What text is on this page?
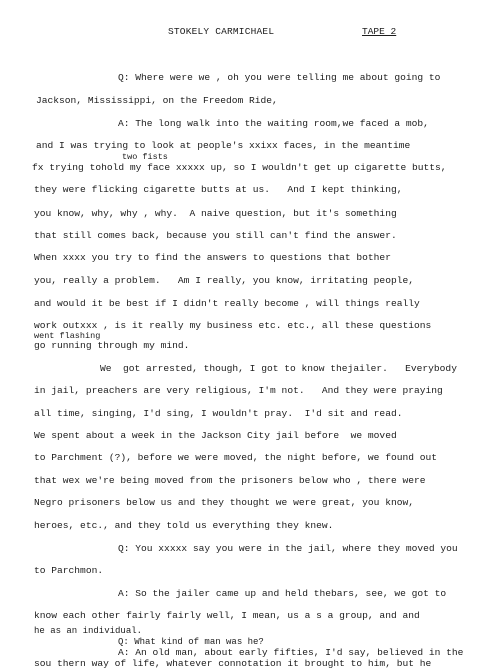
STOKELY CARMICHAEL	TAPE 2
Q: Where were we , oh you were telling me about going to
Jackson, Mississippi, on the Freedom Ride,
A: The long walk into the waiting room,we faced a mob,
and I was trying to look at people's xxixx faces, in the meantime
two fists
fx trying tohold my face xxxxx up, so I wouldn't get up cigarette butts,
they were flicking cigarette butts at us.   And I kept thinking,
you know, why, why , why.  A naive question, but it's something
that still comes back, because you still can't find the answer.
When xxxx you try to find the answers to questions that bother
you, really a problem.   Am I really, you know, irritating people,
and would it be best if I didn't really become , will things really
work outxxx , is it really my business etc. etc., all these questions
went flashing
go running through my mind.
We  got arrested, though, I got to know thejailer.   Everybody
in jail, preachers are very religious, I'm not.   And they were praying
all time, singing, I'd sing, I wouldn't pray.  I'd sit and read.
We spent about a week in the Jackson City jail before  we moved
to Parchment (?), before we were moved, the night before, we found out
that wex we're being moved from the prisoners below who , there were
Negro prisoners below us and they thought we were great, you know,
heroes, etc., and they told us everything they knew.
Q: You xxxxx say you were in the jail, where they moved you
to Parchmon.
A: So the jailer came up and held thebars, see, we got to
know each other fairly fairly well, I mean, us a s a group, and and
he as an individual.
Q: What kind of man was he?
A: An old man, about early fifties, I'd say, believed in the
sou thern way of life, whatever connotation it brought to him, but he
